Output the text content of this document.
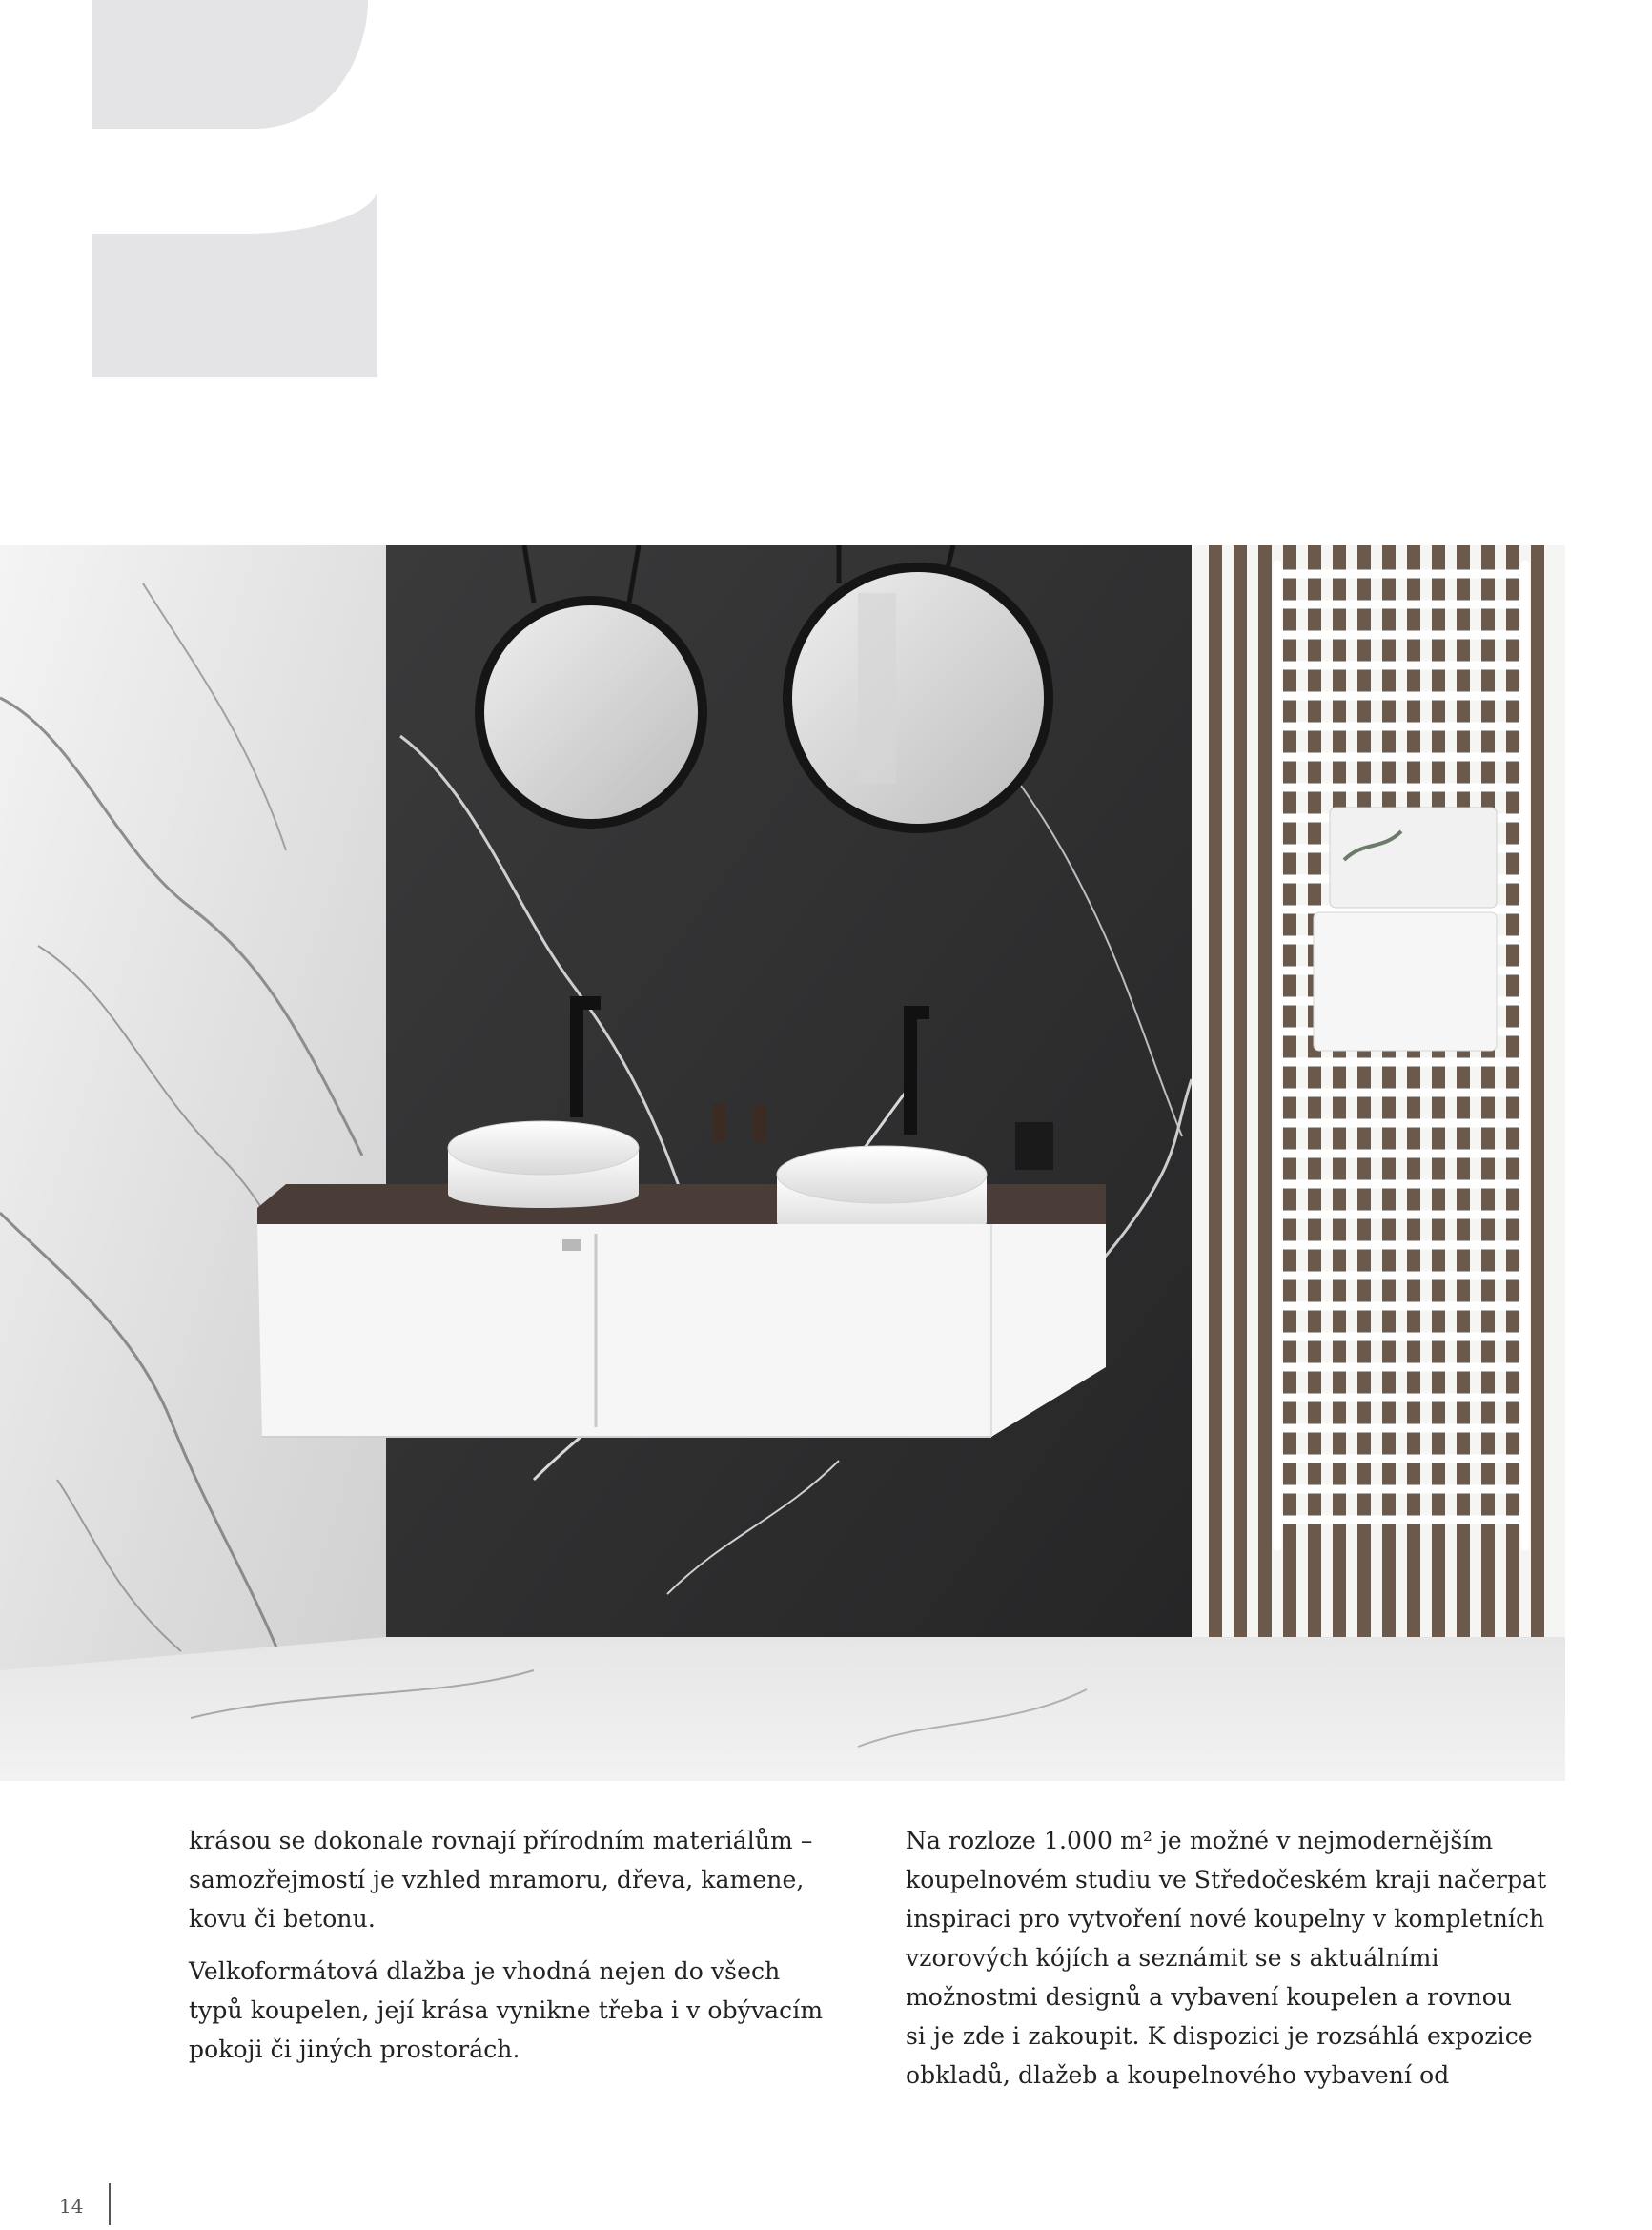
krásou se dokonale rovnají přírodním materiálům –
samozřejmostí je vzhled mramoru, dřeva, kamene,
kovu či betonu.

Velkoformátová dlažba je vhodná nejen do všech
typů koupelen, její krása vynikne třeba i v obývacím
pokoji či jiných prostorách.

Na rozloze 1.000 m² je možné v nejmodernějším
koupelnovém studiu ve Středočeském kraji načerpat
inspiraci pro vytvoření nové koupelny v kompletních
vzorových kójích a seznámit se s aktuálními
možnostmi designů a vybavení koupelen a rovnou
si je zde i zakoupit. K dispozici je rozsáhlá expozice
obkladů, dlažeb a koupelnového vybavení od

14
